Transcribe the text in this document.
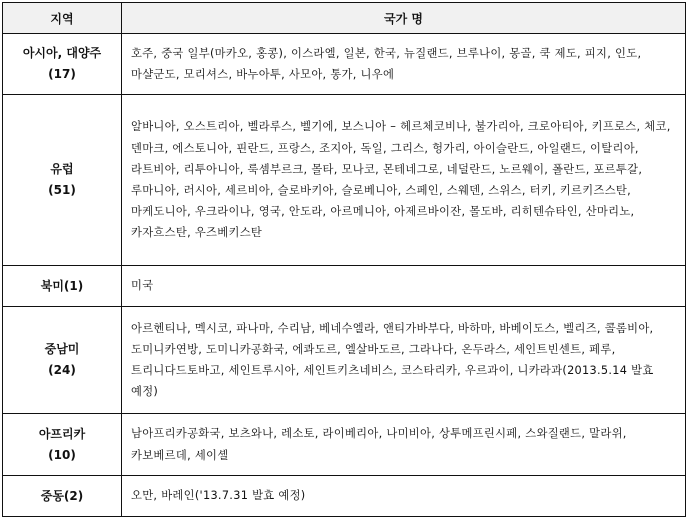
지역	국가 명

아시아, 대양주
(17)	호주, 중국 일부(마카오, 홍콩), 이스라엘, 일본, 한국, 뉴질랜드, 브루나이, 몽골, 쿡 제도, 피지, 인도, 마샬군도, 모리셔스, 바누아투, 사모아, 통가, 니우에

유럽
(51)	알바니아, 오스트리아, 벨라루스, 벨기에, 보스니아 – 헤르체코비나, 불가리아, 크로아티아, 키프로스, 체코, 덴마크, 에스토니아, 핀란드, 프랑스, 조지아, 독일, 그리스, 헝가리, 아이슬란드, 아일랜드, 이탈리아, 라트비아, 리투아니아, 룩셈부르크, 몰타, 모나코, 몬테네그로, 네덜란드, 노르웨이, 폴란드, 포르투갈, 루마니아, 러시아, 세르비아, 슬로바키아, 슬로베니아, 스페인, 스웨덴, 스위스, 터키, 키르키즈스탄, 마케도니아, 우크라이나, 영국, 안도라, 아르메니아, 아제르바이잔, 몰도바, 리히텐슈타인, 산마리노, 카자흐스탄, 우즈베키스탄

북미(1)	미국

중남미
(24)	아르헨티나, 멕시코, 파나마, 수리남, 베네수엘라, 앤티가바부다, 바하마, 바베이도스, 벨리즈, 콜롬비아, 도미니카연방, 도미니카공화국, 에콰도르, 엘살바도르, 그라나다, 온두라스, 세인트빈센트, 페루, 트리니다드토바고, 세인트루시아, 세인트키츠네비스, 코스타리카, 우르과이, 니카라과(2013.5.14 발효 예정)

아프리카
(10)	남아프리카공화국, 보츠와나, 레소토, 라이베리아, 나미비아, 상투메프린시페, 스와질랜드, 말라위, 카보베르데, 세이셸

중동(2)	오만, 바레인('13.7.31 발효 예정)
